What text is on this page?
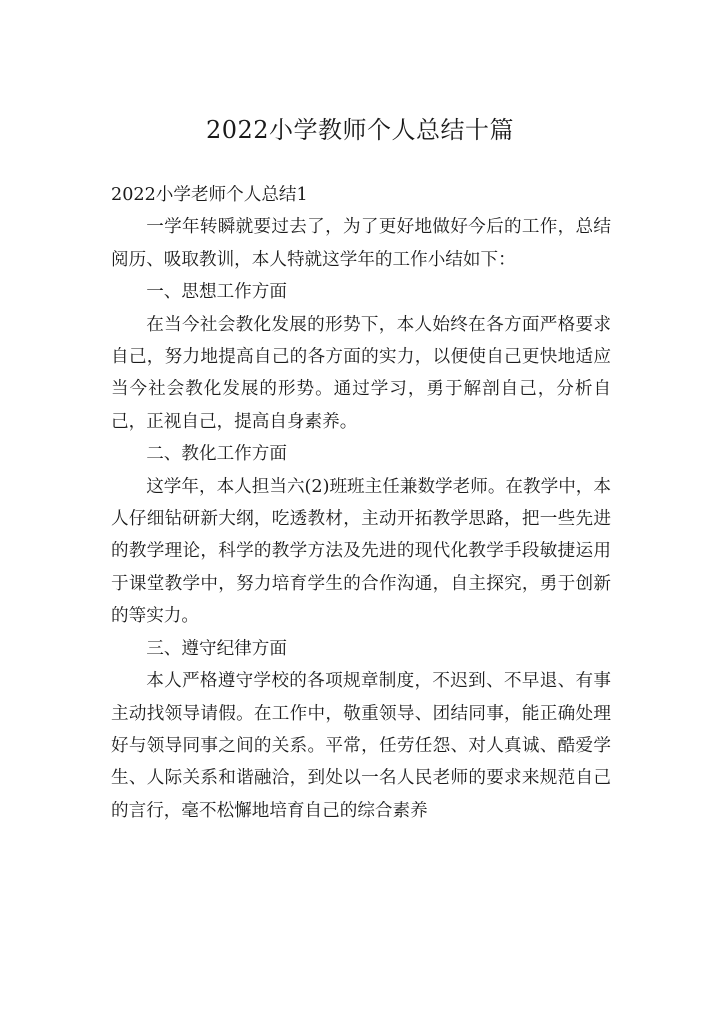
2022小学教师个人总结十篇

2022小学老师个人总结1

一学年转瞬就要过去了，为了更好地做好今后的工作，总结阅历、吸取教训，本人特就这学年的工作小结如下：

一、思想工作方面

在当今社会教化发展的形势下，本人始终在各方面严格要求自己，努力地提高自己的各方面的实力，以便使自己更快地适应当今社会教化发展的形势。通过学习，勇于解剖自己，分析自己，正视自己，提高自身素养。

二、教化工作方面

这学年，本人担当六(2)班班主任兼数学老师。在教学中，本人仔细钻研新大纲，吃透教材，主动开拓教学思路，把一些先进的教学理论，科学的教学方法及先进的现代化教学手段敏捷运用于课堂教学中，努力培育学生的合作沟通，自主探究，勇于创新的等实力。

三、遵守纪律方面

本人严格遵守学校的各项规章制度，不迟到、不早退、有事主动找领导请假。在工作中，敬重领导、团结同事，能正确处理好与领导同事之间的关系。平常，任劳任怨、对人真诚、酷爱学生、人际关系和谐融洽，到处以一名人民老师的要求来规范自己的言行，毫不松懈地培育自己的综合素养
